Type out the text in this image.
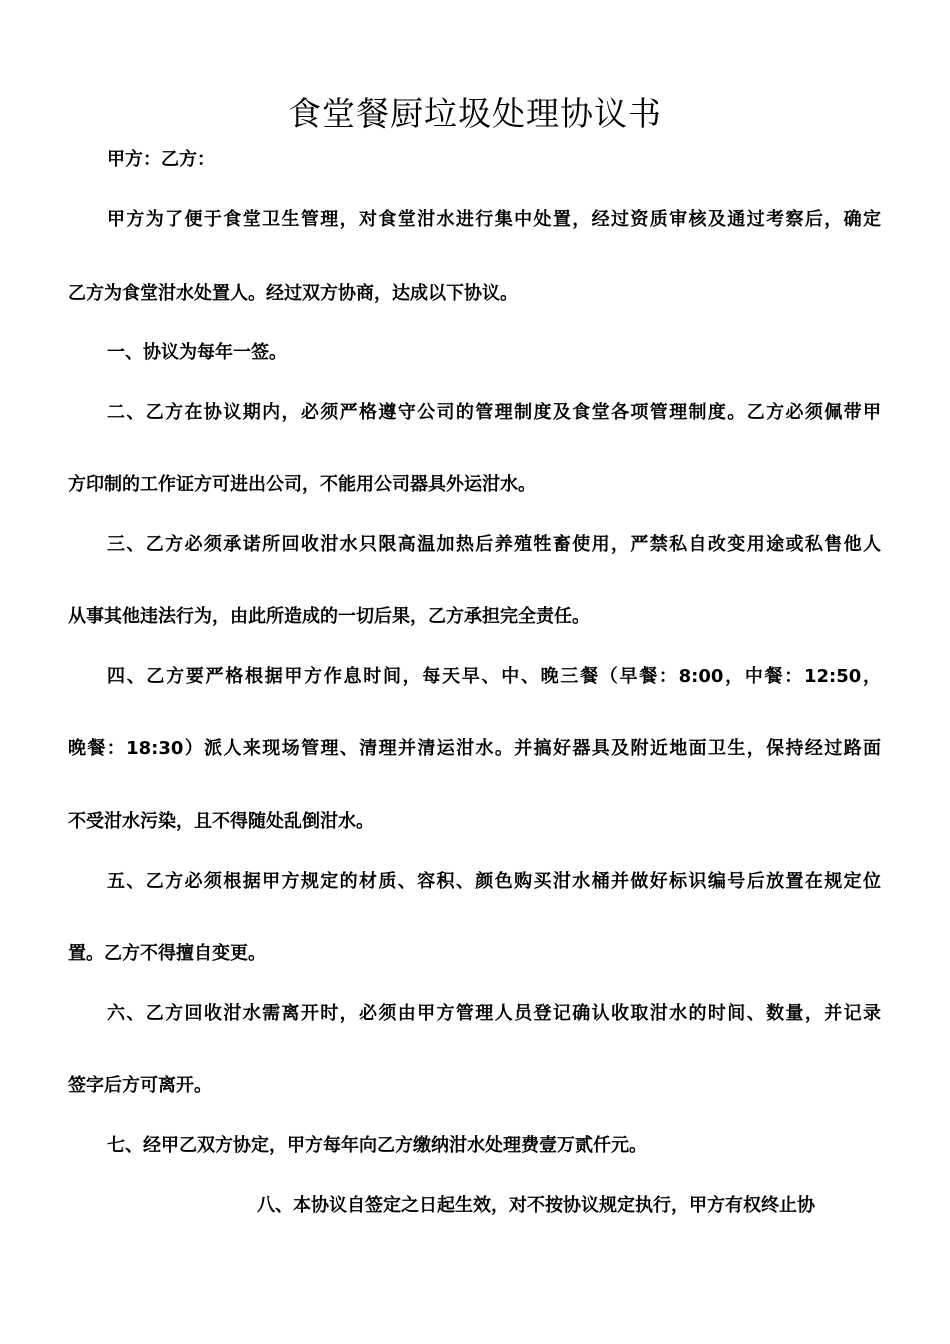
食堂餐厨垃圾处理协议书
甲方：乙方：
甲方为了便于食堂卫生管理，对食堂泔水进行集中处置，经过资质审核及通过考察后，确定
乙方为食堂泔水处置人。经过双方协商，达成以下协议。
一、协议为每年一签。
二、乙方在协议期内，必须严格遵守公司的管理制度及食堂各项管理制度。乙方必须佩带甲
方印制的工作证方可进出公司，不能用公司器具外运泔水。
三、乙方必须承诺所回收泔水只限高温加热后养殖牲畜使用，严禁私自改变用途或私售他人
从事其他违法行为，由此所造成的一切后果，乙方承担完全责任。
四、乙方要严格根据甲方作息时间，每天早、中、晚三餐（早餐：8:00，中餐：12:50，
晚餐：18:30）派人来现场管理、清理并清运泔水。并搞好器具及附近地面卫生，保持经过路面
不受泔水污染，且不得随处乱倒泔水。
五、乙方必须根据甲方规定的材质、容积、颜色购买泔水桶并做好标识编号后放置在规定位
置。乙方不得擅自变更。
六、乙方回收泔水需离开时，必须由甲方管理人员登记确认收取泔水的时间、数量，并记录
签字后方可离开。
七、经甲乙双方协定，甲方每年向乙方缴纳泔水处理费壹万贰仟元。
八、本协议自签定之日起生效，对不按协议规定执行，甲方有权终止协
